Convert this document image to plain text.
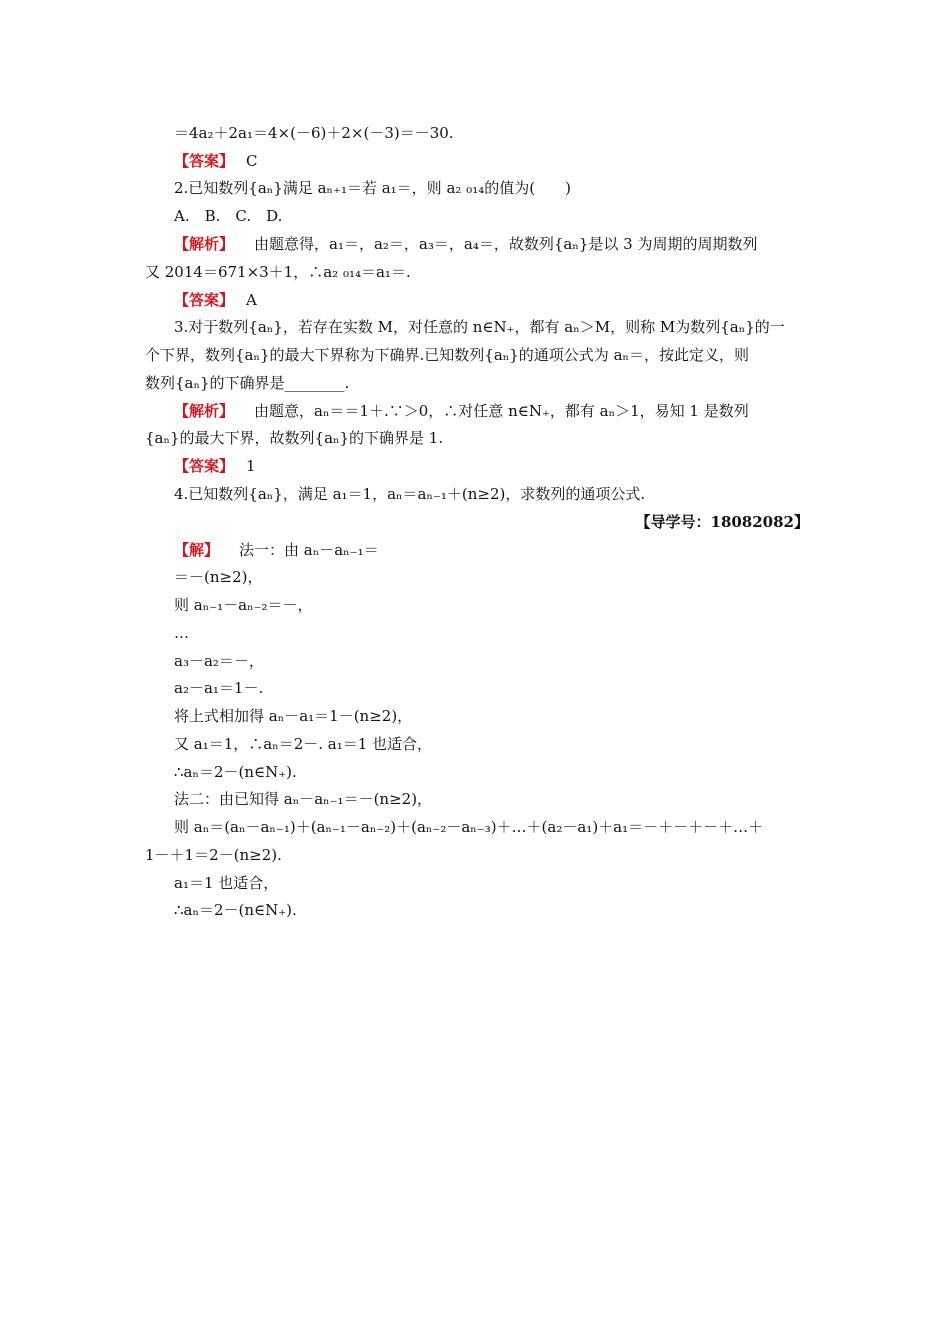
＝4a₂＋2a₁＝4×(－6)＋2×(－3)＝－30.
【答案】 C
2.已知数列{aₙ}满足 aₙ₊₁＝若 a₁＝，则 a₂ ₀₁₄的值为(　　)
A.　B.　C.　D.
【解析】 由题意得，a₁＝，a₂＝，a₃＝，a₄＝，故数列{aₙ}是以 3 为周期的周期数列
又 2014＝671×3＋1，∴a₂ ₀₁₄＝a₁＝.
【答案】 A
3.对于数列{aₙ}，若存在实数 M，对任意的 n∈N₊，都有 aₙ＞M，则称 M为数列{aₙ}的一
个下界，数列{aₙ}的最大下界称为下确界.已知数列{aₙ}的通项公式为 aₙ＝，按此定义，则
数列{aₙ}的下确界是________.
【解析】 由题意，aₙ＝＝1＋.∵＞0，∴对任意 n∈N₊，都有 aₙ＞1，易知 1 是数列
{aₙ}的最大下界，故数列{aₙ}的下确界是 1.
【答案】 1
4.已知数列{aₙ}，满足 a₁＝1，aₙ＝aₙ₋₁＋(n≥2)，求数列的通项公式.
【导学号：18082082】
【解】 法一：由 aₙ－aₙ₋₁＝
＝－(n≥2)，
则 aₙ₋₁－aₙ₋₂＝－，
…
a₃－a₂＝－，
a₂－a₁＝1－.
将上式相加得 aₙ－a₁＝1－(n≥2)，
又 a₁＝1，∴aₙ＝2－. a₁＝1 也适合，
∴aₙ＝2－(n∈N₊).
法二：由已知得 aₙ－aₙ₋₁＝－(n≥2)，
则 aₙ＝(aₙ－aₙ₋₁)＋(aₙ₋₁－aₙ₋₂)＋(aₙ₋₂－aₙ₋₃)＋…＋(a₂－a₁)＋a₁＝－＋－＋－＋…＋
1－＋1＝2－(n≥2).
a₁＝1 也适合，
∴aₙ＝2－(n∈N₊).
